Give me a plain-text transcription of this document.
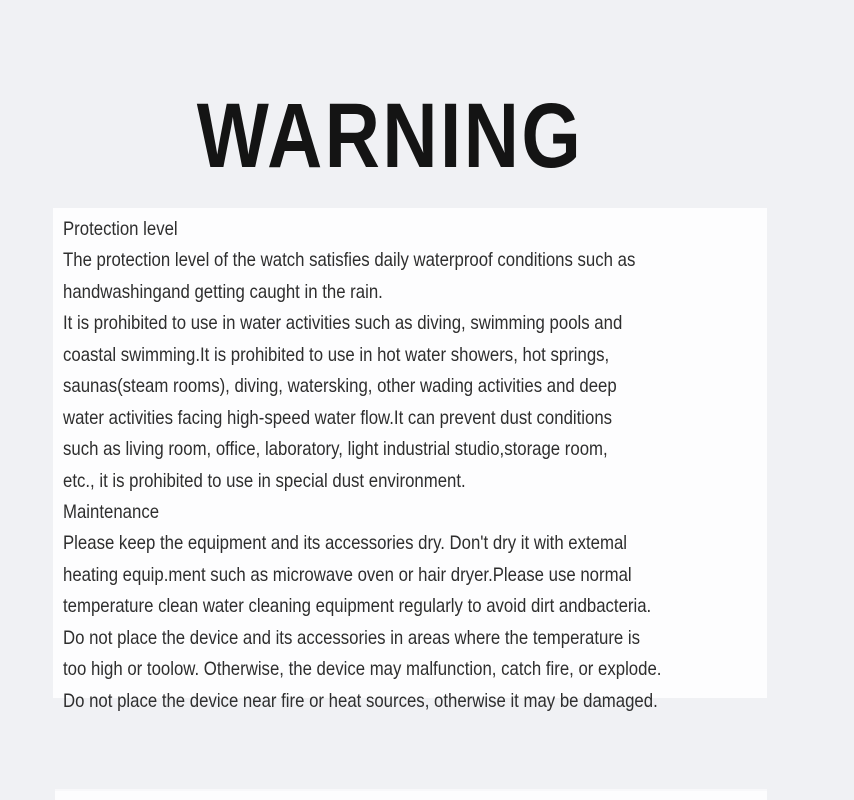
WARNING
Protection level
The protection level of the watch satisfies daily waterproof conditions such as
handwashingand getting caught in the rain.
It is prohibited to use in water activities such as diving, swimming pools and
coastal swimming.It is prohibited to use in hot water showers, hot springs,
saunas(steam rooms), diving, watersking, other wading activities and deep
water activities facing high-speed water flow.It can prevent dust conditions
such as living room, office, laboratory, light industrial studio,storage room,
etc., it is prohibited to use in special dust environment.
Maintenance
Please keep the equipment and its accessories dry. Don't dry it with extemal
heating equip.ment such as microwave oven or hair dryer.Please use normal
temperature clean water cleaning equipment regularly to avoid dirt andbacteria.
Do not place the device and its accessories in areas where the temperature is
too high or toolow. Otherwise, the device may malfunction, catch fire, or explode.
Do not place the device near fire or heat sources, otherwise it may be damaged.
